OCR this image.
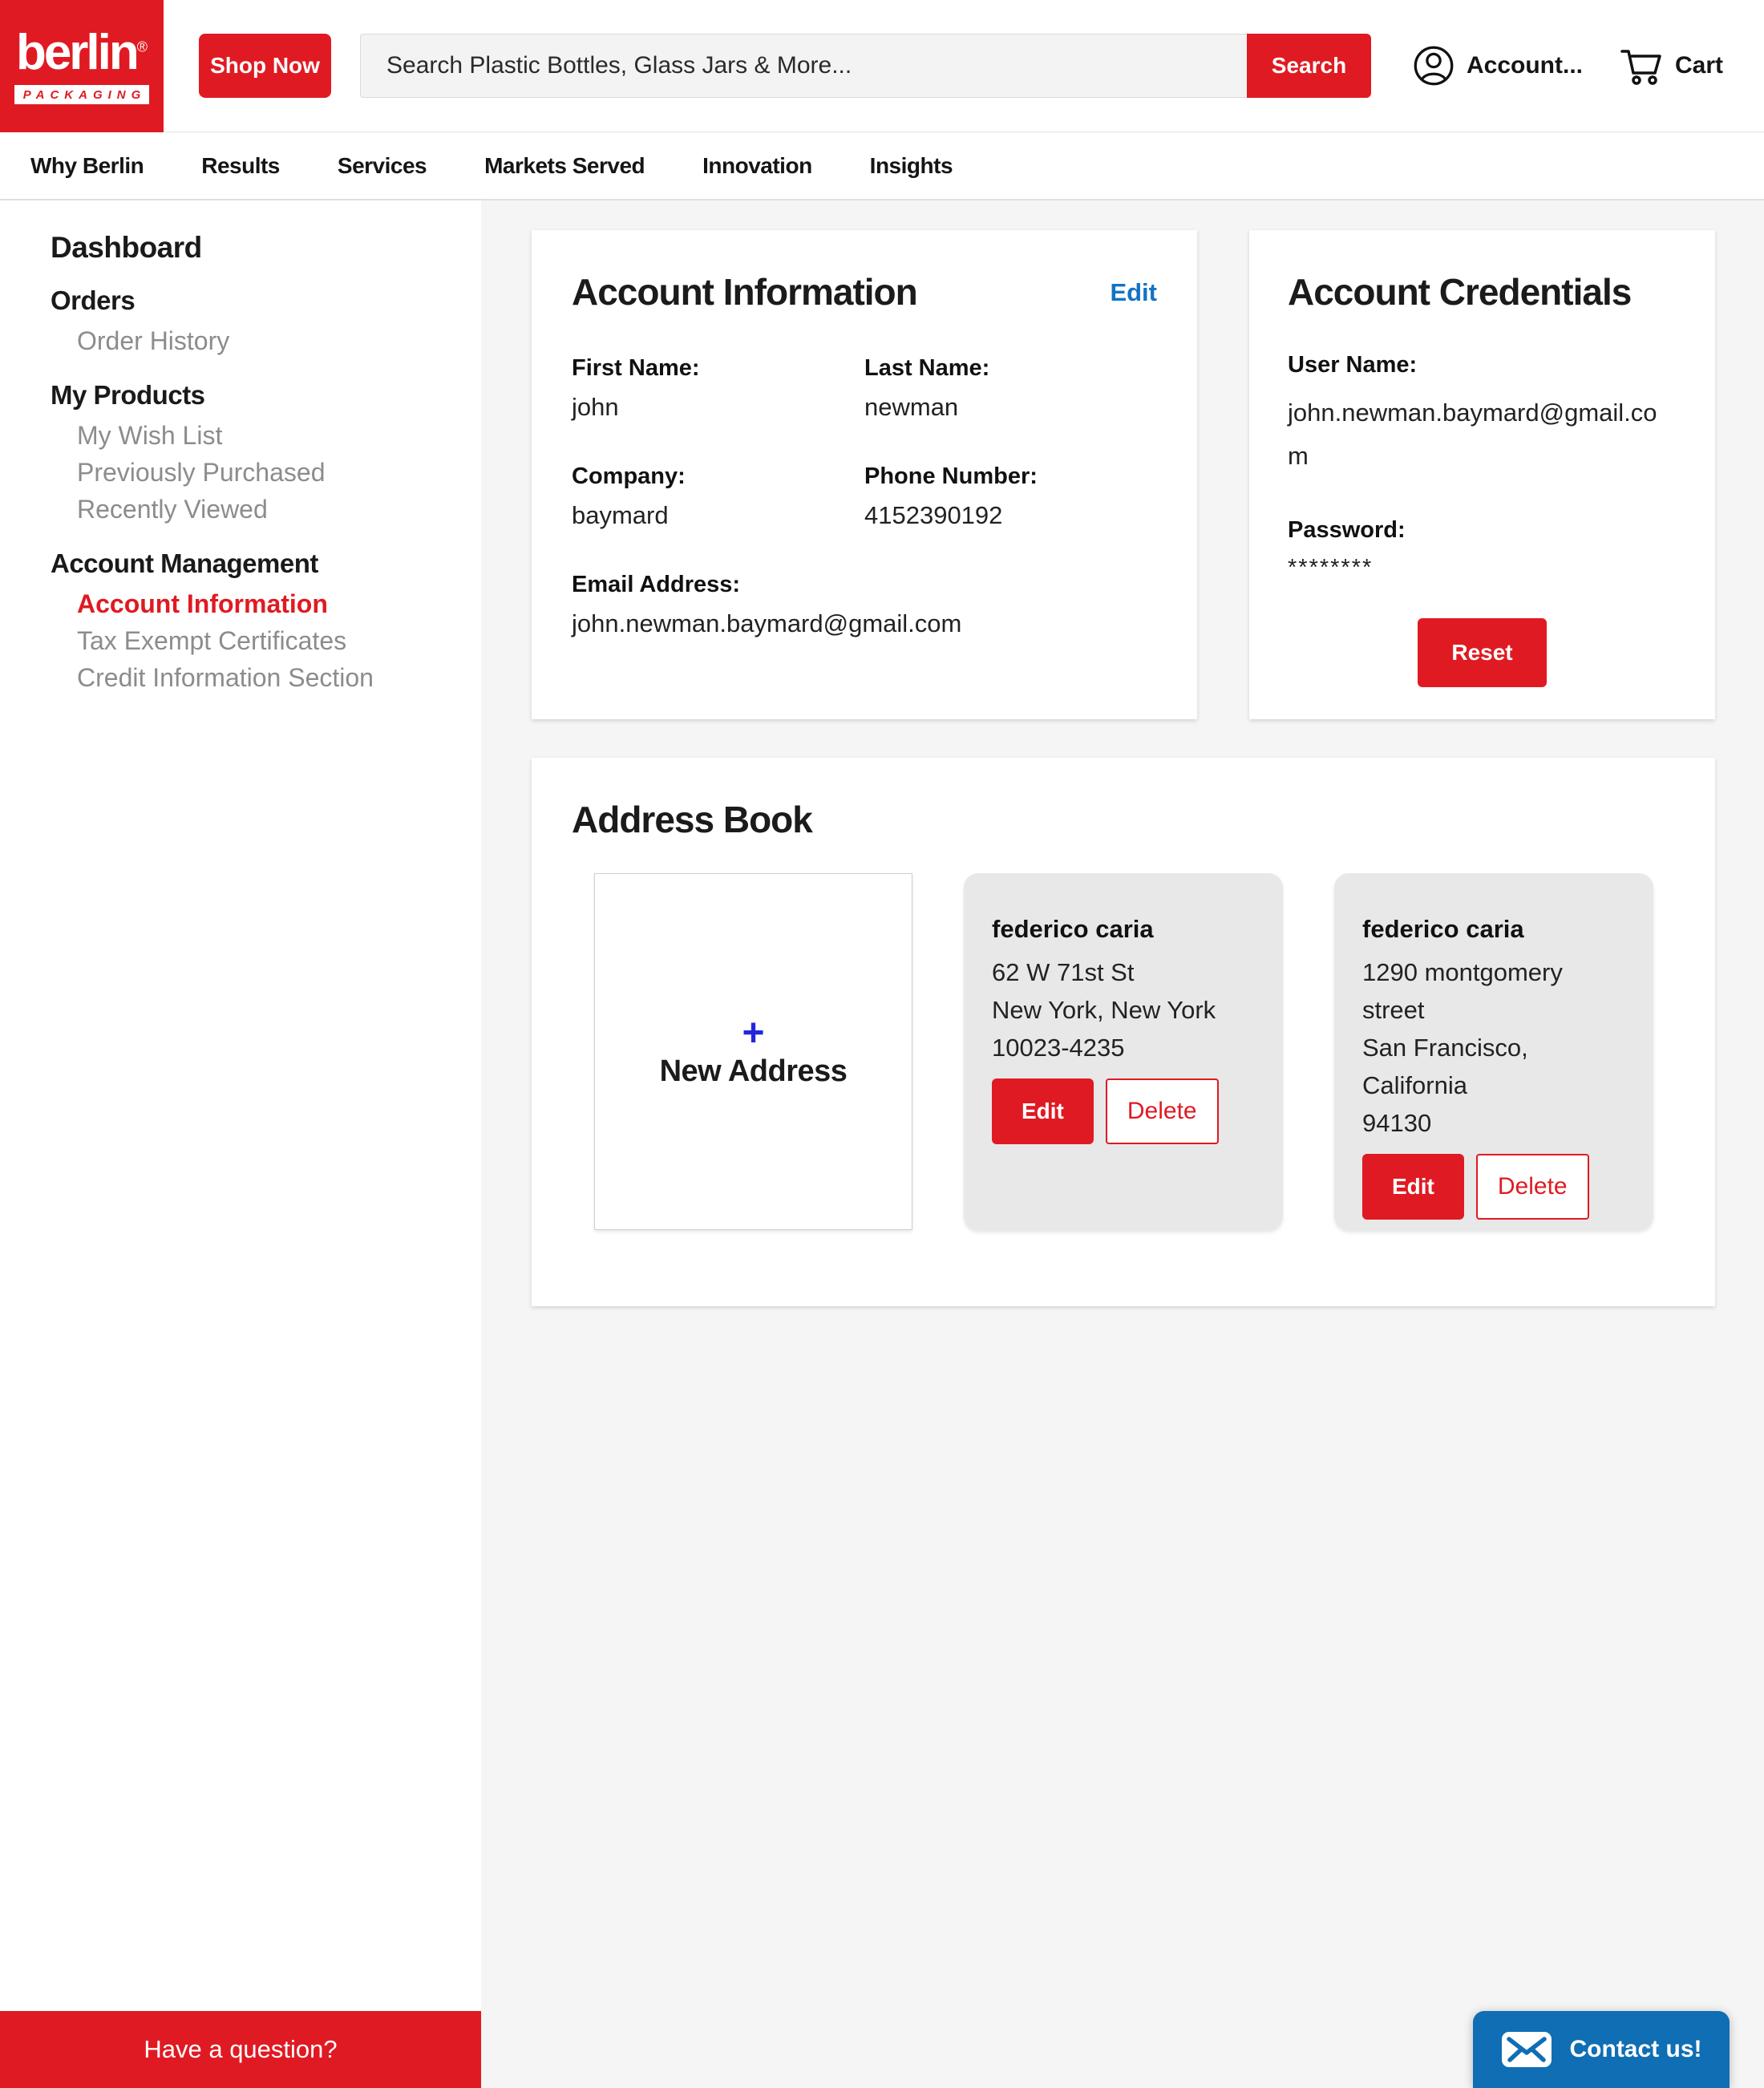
berlin®
PACKAGING
Shop Now
Search Plastic Bottles, Glass Jars & More...	Search	Account...	Cart
Why Berlin	Results	Services	Markets Served	Innovation	Insights
Dashboard
Orders
Order History
My Products
My Wish List
Previously Purchased
Recently Viewed
Account Management
Account Information
Tax Exempt Certificates
Credit Information Section
Account Information	Edit
First Name:
john
Last Name:
newman
Company:
baymard
Phone Number:
4152390192
Email Address:
john.newman.baymard@gmail.com
Account Credentials
User Name:
john.newman.baymard@gmail.com
Password:
********
Reset
Address Book
+
New Address
federico caria
62 W 71st St
New York, New York
10023-4235
Edit	Delete
federico caria
1290 montgomery
street
San Francisco,
California
94130
Edit	Delete
Have a question?	Contact us!
